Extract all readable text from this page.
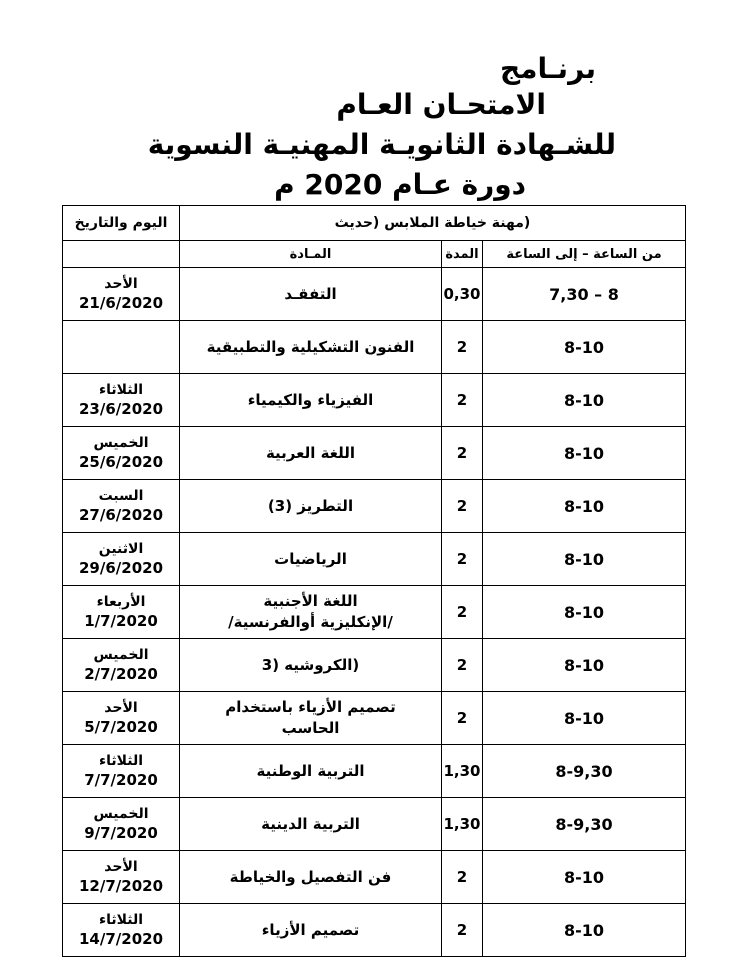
برنـامج
الامتحـان العـام
للشـهادة الثانويـة المهنيـة النسوية
دورة عـام 2020 م
اليوم والتاريخ	(مهنة خياطة الملابس (حديث		

	المـادة	المدة	من الساعة – إلى الساعة

الأحد
21/6/2020	التفقـد	0,30	7,30 – 8

	الفنون التشكيلية والتطبيقية	2	8-10

الثلاثاء
23/6/2020	الفيزياء والكيمياء	2	8-10

الخميس
25/6/2020	اللغة العربية	2	8-10

السبت
27/6/2020	التطريز (3)	2	8-10

الاثنين
29/6/2020	الرياضيات	2	8-10

الأربعاء
1/7/2020	اللغة الأجنبية
/الإنكليزية أوالفرنسية/	2	8-10

الخميس
2/7/2020	(الكروشيه (3	2	8-10

الأحد
5/7/2020	تصميم الأزياء باستخدام
الحاسب	2	8-10

الثلاثاء
7/7/2020	التربية الوطنية	1,30	8-9,30

الخميس
9/7/2020	التربية الدينية	1,30	8-9,30

الأحد
12/7/2020	فن التفصيل والخياطة	2	8-10

الثلاثاء
14/7/2020	تصميم الأزياء	2	8-10
